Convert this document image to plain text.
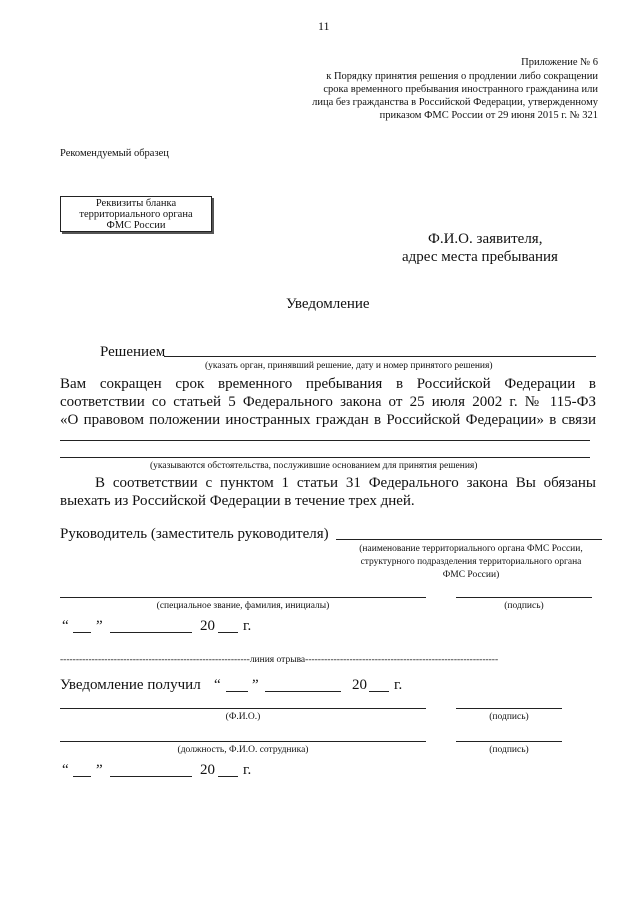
11
Приложение № 6
к Порядку принятия решения о продлении либо сокращении
срока временного пребывания иностранного гражданина или
лица без гражданства в Российской Федерации, утвержденному
приказом ФМС России от 29 июня 2015 г. № 321
Рекомендуемый образец
Реквизиты бланка
территориального органа
ФМС России
Ф.И.О. заявителя,
адрес места пребывания
Уведомление
Решением
(указать орган, принявший решение, дату и номер принятого решения)
Вам сокращен срок временного пребывания в Российской Федерации в
соответствии со статьей 5 Федерального закона от 25 июля 2002 г. № 115-ФЗ
«О правовом положении иностранных граждан в Российской Федерации» в связи
(указываются обстоятельства, послужившие основанием для принятия решения)
В соответствии с пунктом 1 статьи 31 Федерального закона Вы обязаны
выехать из Российской Федерации в течение трех дней.
Руководитель (заместитель руководителя)
(наименование территориального органа ФМС России,
структурного подразделения территориального органа
ФМС России)
(специальное звание, фамилия, инициалы)	(подпись)
“ ”	20 г.
------------------------------------------------------------линия отрыва-------------------------------------------------------------
Уведомление получил “ ”	20 г.
(Ф.И.О.)	(подпись)
(должность, Ф.И.О. сотрудника)	(подпись)
“ ”	20 г.
